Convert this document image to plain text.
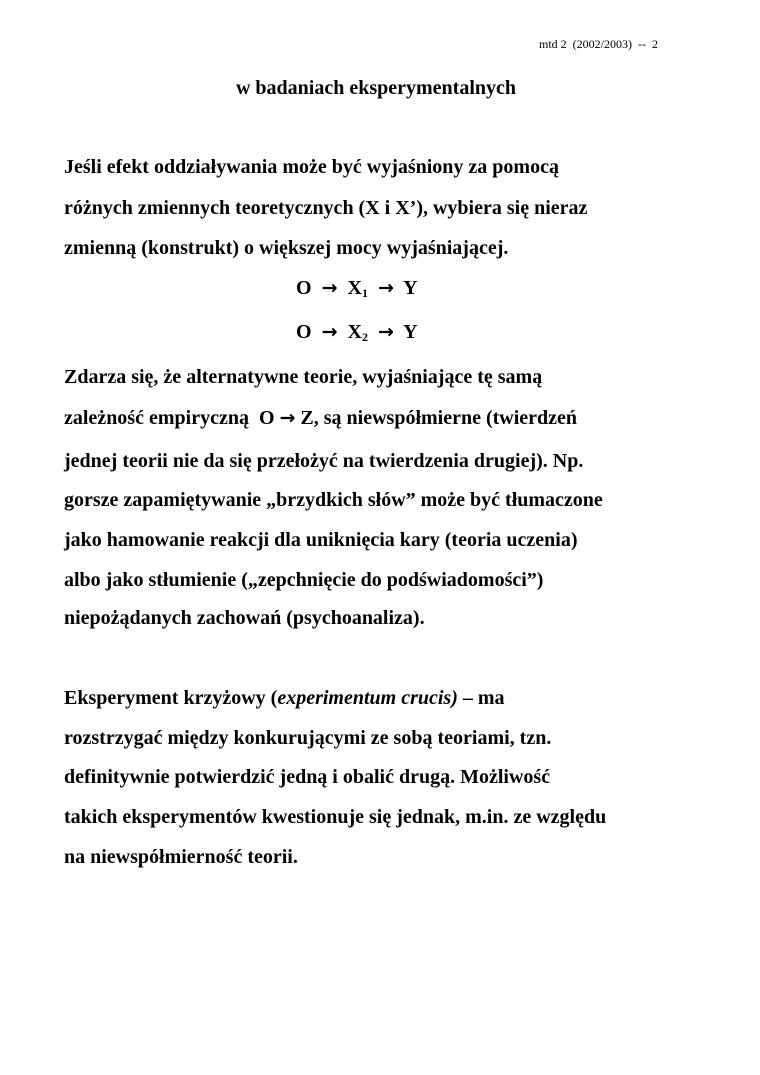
mtd 2  (2002/2003)  --  2
w badaniach eksperymentalnych
Jeśli efekt oddziaływania może być wyjaśniony za pomocą
różnych zmiennych teoretycznych (X i X’), wybiera się nieraz
zmienną (konstrukt) o większej mocy wyjaśniającej.
$O \to X_1 \to Y$
$O \to X_2 \to Y$
Zdarza się, że alternatywne teorie, wyjaśniające tę samą
zależność empiryczną  O → Z, są niewspółmierne (twierdzeń
jednej teorii nie da się przełożyć na twierdzenia drugiej). Np.
gorsze zapamiętywanie „brzydkich słów” może być tłumaczone
jako hamowanie reakcji dla uniknięcia kary (teoria uczenia)
albo jako stłumienie („zepchnięcie do podświadomości”)
niepożądanych zachowań (psychoanaliza).
Eksperyment krzyżowy (experimentum crucis) – ma
rozstrzygać między konkurującymi ze sobą teoriami, tzn.
definitywnie potwierdzić jedną i obalić drugą. Możliwość
takich eksperymentów kwestionuje się jednak, m.in. ze względu
na niewspółmierność teorii.
